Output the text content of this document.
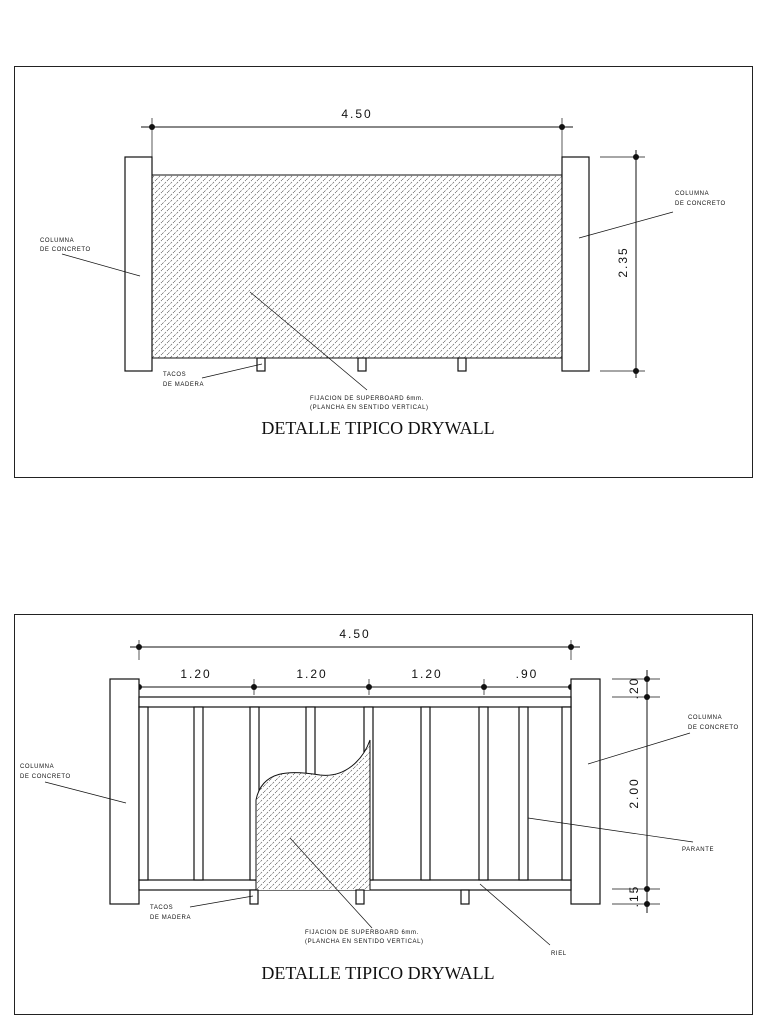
4.50
2.35
COLUMNA
DE CONCRETO
COLUMNA
DE CONCRETO
TACOS
DE MADERA
FIJACION DE SUPERBOARD 6mm.
(PLANCHA EN SENTIDO VERTICAL)
DETALLE TIPICO DRYWALL
4.50
1.20	1.20	1.20	.90
.20
2.00
.15
COLUMNA
DE CONCRETO
COLUMNA
DE CONCRETO
PARANTE
RIEL
TACOS
DE MADERA
FIJACION DE SUPERBOARD 6mm.
(PLANCHA EN SENTIDO VERTICAL)
DETALLE TIPICO DRYWALL
